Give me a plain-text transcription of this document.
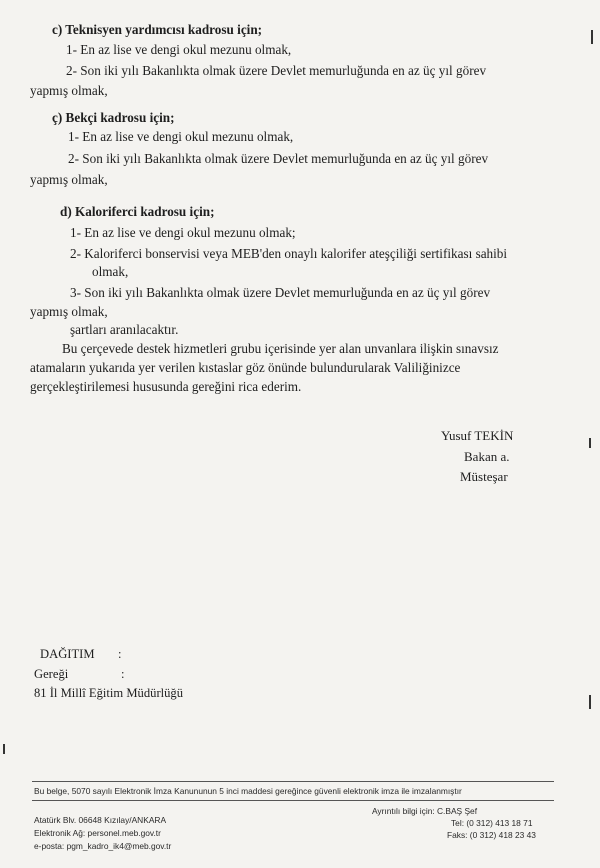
c) Teknisyen yardımcısı kadrosu için;
1- En az lise ve dengi okul mezunu olmak,
2- Son iki yılı Bakanlıkta olmak üzere Devlet memurluğunda en az üç yıl görev
yapmış olmak,
ç) Bekçi kadrosu için;
1- En az lise ve dengi okul mezunu olmak,
2- Son iki yılı Bakanlıkta olmak üzere Devlet memurluğunda en az üç yıl görev
yapmış olmak,
d) Kaloriferci kadrosu için;
1- En az lise ve dengi okul mezunu olmak;
2- Kaloriferci bonservisi veya MEB'den onaylı kalorifer ateşçiliği sertifikası sahibi
olmak,
3- Son iki yılı Bakanlıkta olmak üzere Devlet memurluğunda en az üç yıl görev
yapmış olmak,
şartları aranılacaktır.
Bu çerçevede destek hizmetleri grubu içerisinde yer alan unvanlara ilişkin sınavsız
atamaların yukarıda yer verilen kıstaslar göz önünde bulundurularak Valiliğinizce
gerçekleştirilemesi hususunda gereğini rica ederim.
Yusuf TEKİN
Bakan a.
Müsteşar
DAĞITIM :
Gereği	:
81 İl Millî Eğitim Müdürlüğü
Bu belge, 5070 sayılı Elektronik İmza Kanununun 5 inci maddesi gereğince güvenli elektronik imza ile imzalanmıştır
Atatürk Blv. 06648 Kızılay/ANKARA
Elektronik Ağ: personel.meb.gov.tr
e-posta: pgm_kadro_ik4@meb.gov.tr
Ayrıntılı bilgi için: C.BAŞ Şef
Tel: (0 312) 413 18 71
Faks: (0 312) 418 23 43
